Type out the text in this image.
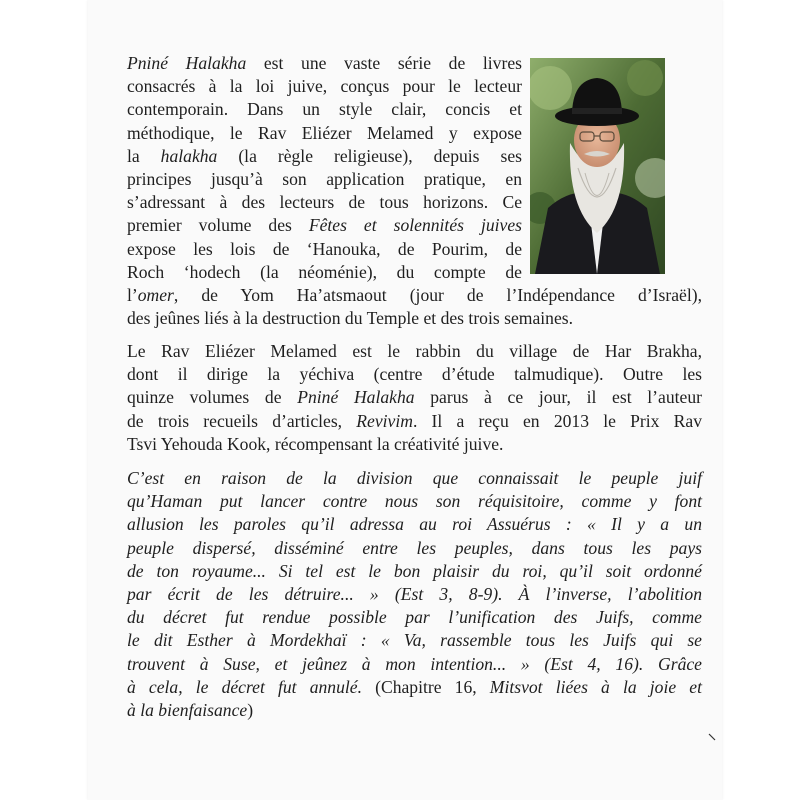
Pniné Halakha est une vaste série de livres
consacrés à la loi juive, conçus pour le lecteur
contemporain. Dans un style clair, concis et
méthodique, le Rav Eliézer Melamed y expose
la halakha (la règle religieuse), depuis ses
principes jusqu’à son application pratique, en
s’adressant à des lecteurs de tous horizons. Ce
premier volume des Fêtes et solennités juives
expose les lois de ‘Hanouka, de Pourim, de
Roch ‘hodech (la néoménie), du compte de
l’omer, de Yom Ha’atsmaout (jour de l’Indépendance d’Israël),
des jeûnes liés à la destruction du Temple et des trois semaines.
Le Rav Eliézer Melamed est le rabbin du village de Har Brakha,
dont il dirige la yéchiva (centre d’étude talmudique). Outre les
quinze volumes de Pniné Halakha parus à ce jour, il est l’auteur
de trois recueils d’articles, Revivim. Il a reçu en 2013 le Prix Rav
Tsvi Yehouda Kook, récompensant la créativité juive.
C’est en raison de la division que connaissait le peuple juif
qu’Haman put lancer contre nous son réquisitoire, comme y font
allusion les paroles qu’il adressa au roi Assuérus : « Il y a un
peuple dispersé, disséminé entre les peuples, dans tous les pays
de ton royaume... Si tel est le bon plaisir du roi, qu’il soit ordonné
par écrit de les détruire... » (Est 3, 8-9). À l’inverse, l’abolition
du décret fut rendue possible par l’unification des Juifs, comme
le dit Esther à Mordekhaï : « Va, rassemble tous les Juifs qui se
trouvent à Suse, et jeûnez à mon intention... » (Est 4, 16). Grâce
à cela, le décret fut annulé. (Chapitre 16, Mitsvot liées à la joie et
à la bienfaisance)
